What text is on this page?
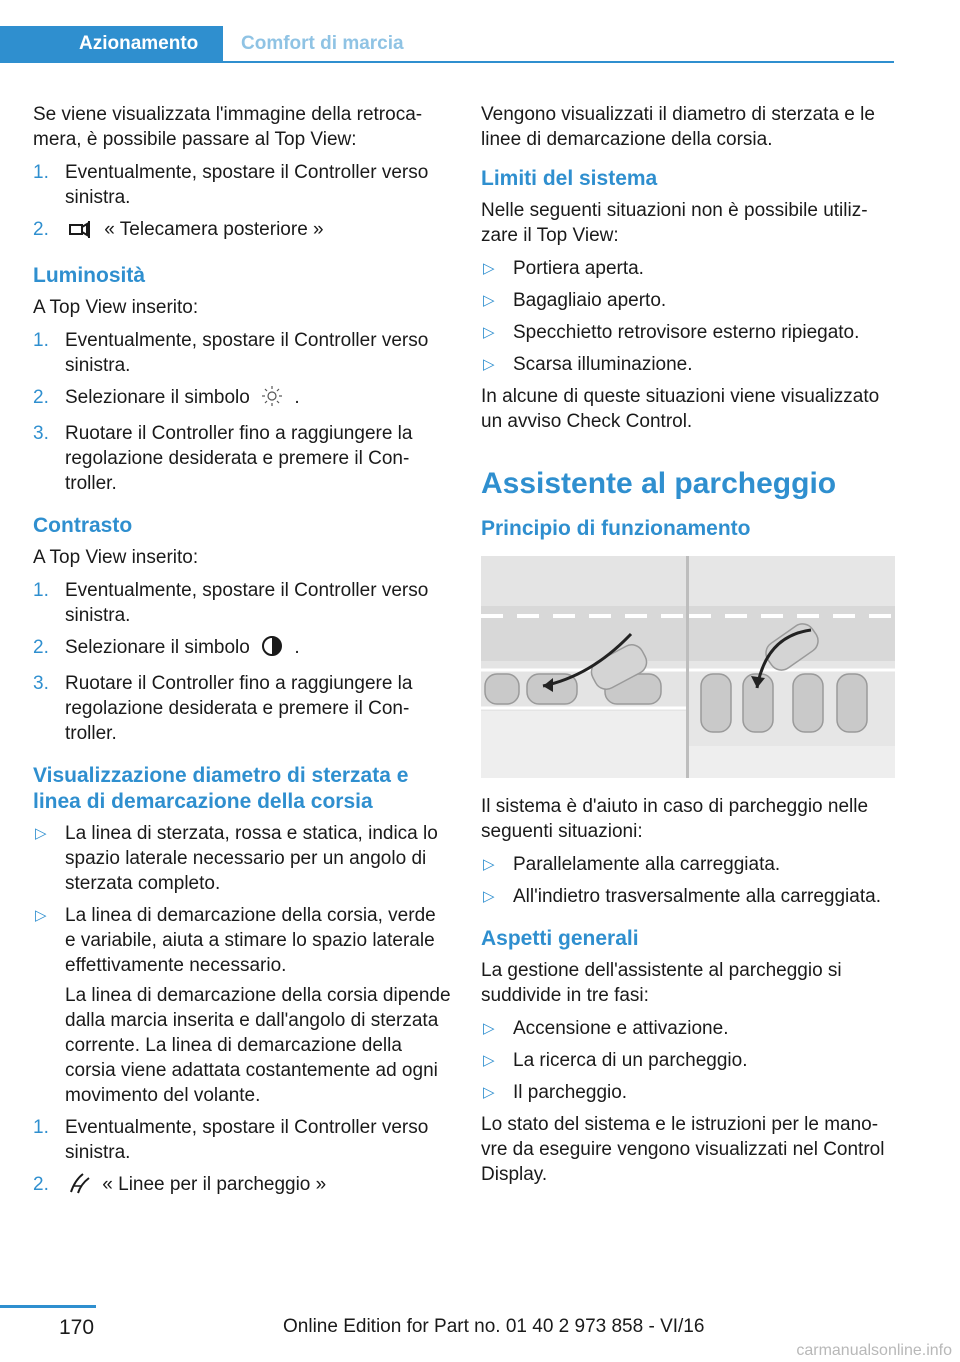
Azionamento	Comfort di marcia

Se viene visualizzata l'immagine della retrocamera, è possibile passare al Top View:

1. Eventualmente, spostare il Controller verso sinistra.
2.	« Telecamera posteriore »
Luminosità

A Top View inserito:

1. Eventualmente, spostare il Controller verso sinistra.
2. Selezionare il simbolo .
3. Ruotare il Controller fino a raggiungere la regolazione desiderata e premere il Controller.
Contrasto

A Top View inserito:

1. Eventualmente, spostare il Controller verso sinistra.
2. Selezionare il simbolo .
3. Ruotare il Controller fino a raggiungere la regolazione desiderata e premere il Controller.
Visualizzazione diametro di sterzata e linea di demarcazione della corsia
▷ La linea di sterzata, rossa e statica, indica lo spazio laterale necessario per un angolo di sterzata completo.
▷ La linea di demarcazione della corsia, verde e variabile, aiuta a stimare lo spazio laterale effettivamente necessario.
La linea di demarcazione della corsia dipende dalla marcia inserita e dall'angolo di sterzata corrente. La linea di demarcazione della corsia viene adattata costantemente ad ogni movimento del volante.
1. Eventualmente, spostare il Controller verso sinistra.
2.	« Linee per il parcheggio »

Vengono visualizzati il diametro di sterzata e le linee di demarcazione della corsia.

Limiti del sistema

Nelle seguenti situazioni non è possibile utilizzare il Top View:

▷ Portiera aperta.
▷ Bagagliaio aperto.
▷ Specchietto retrovisore esterno ripiegato.
▷ Scarsa illuminazione.

In alcune di queste situazioni viene visualizzato un avviso Check Control.

Assistente al parcheggio
Principio di funzionamento

Il sistema è d'aiuto in caso di parcheggio nelle seguenti situazioni:

▷ Parallelamente alla carreggiata.
▷ All'indietro trasversalmente alla carreggiata.
Aspetti generali

La gestione dell'assistente al parcheggio si suddivide in tre fasi:

▷ Accensione e attivazione.
▷ La ricerca di un parcheggio.
▷ Il parcheggio.

Lo stato del sistema e le istruzioni per le manovre da eseguire vengono visualizzati nel Control Display.

170	Online Edition for Part no. 01 40 2 973 858 - VI/16
carmanualsonline.info
